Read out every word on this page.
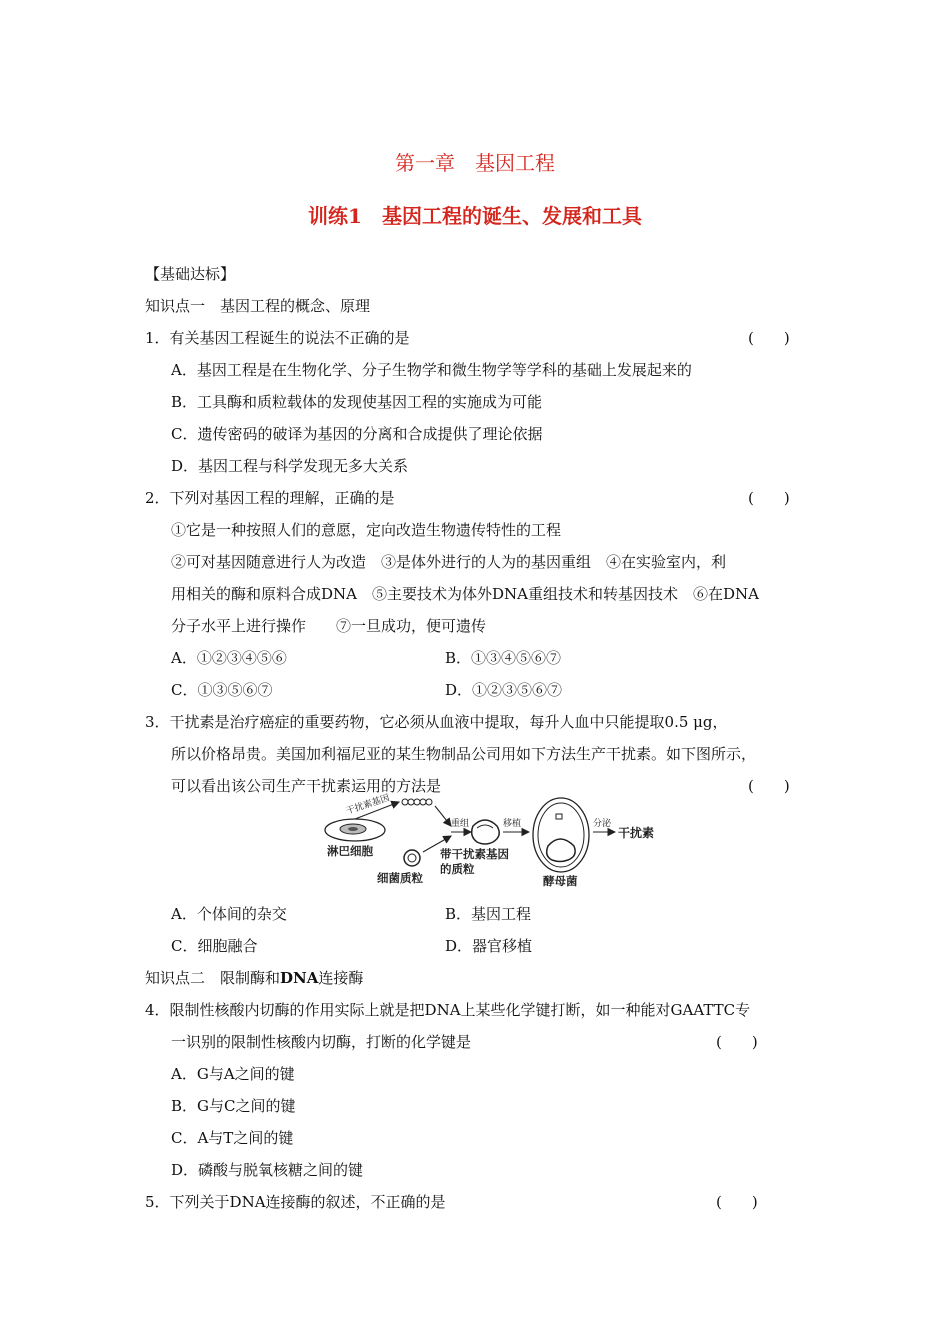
第一章　基因工程
训练1　基因工程的诞生、发展和工具
【基础达标】
知识点一　基因工程的概念、原理
1．有关基因工程诞生的说法不正确的是	(　　)
A．基因工程是在生物化学、分子生物学和微生物学等学科的基础上发展起来的
B．工具酶和质粒载体的发现使基因工程的实施成为可能
C．遗传密码的破译为基因的分离和合成提供了理论依据
D．基因工程与科学发现无多大关系
2．下列对基因工程的理解，正确的是	(　　)
①它是一种按照人们的意愿，定向改造生物遗传特性的工程
②可对基因随意进行人为改造　③是体外进行的人为的基因重组　④在实验室内，利
用相关的酶和原料合成DNA　⑤主要技术为体外DNA重组技术和转基因技术　⑥在DNA
分子水平上进行操作　　⑦一旦成功，便可遗传
A．①②③④⑤⑥	B．①③④⑤⑥⑦
C．①③⑤⑥⑦	D．①②③⑤⑥⑦
3．干扰素是治疗癌症的重要药物，它必须从血液中提取，每升人血中只能提取0.5 μg，
所以价格昂贵。美国加利福尼亚的某生物制品公司用如下方法生产干扰素。如下图所示，
可以看出该公司生产干扰素运用的方法是	(　　)
淋巴细胞
干扰素基因
细菌质粒
重组
带干扰素基因
的质粒
移植
酵母菌
分泌
干扰素
A．个体间的杂交	B．基因工程
C．细胞融合	D．器官移植
知识点二　限制酶和DNA连接酶
4．限制性核酸内切酶的作用实际上就是把DNA上某些化学键打断，如一种能对GAATTC专
一识别的限制性核酸内切酶，打断的化学键是	(　　)
A．G与A之间的键
B．G与C之间的键
C．A与T之间的键
D．磷酸与脱氧核糖之间的键
5．下列关于DNA连接酶的叙述，不正确的是	(　　)
